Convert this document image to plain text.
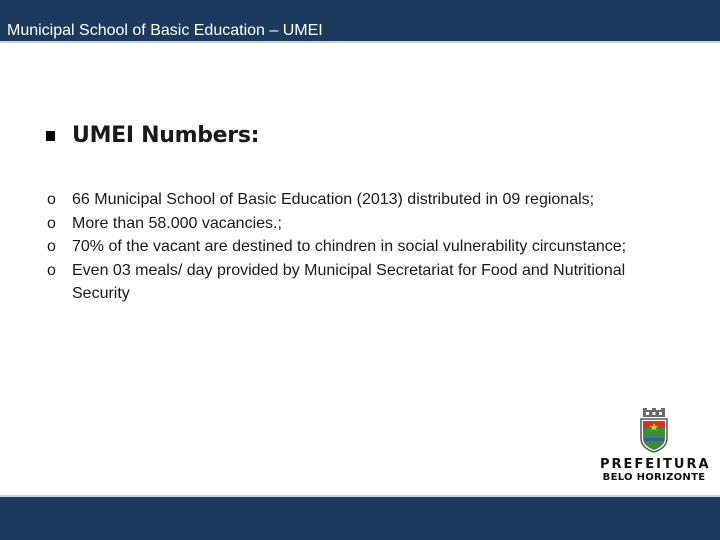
Municipal School of Basic Education – UMEI
UMEI Numbers:
o 66 Municipal School of Basic Education (2013) distributed in 09 regionals;
o More than 58.000 vacancies.;
o 70% of the vacant are destined to chindren in social vulnerability circunstance;
o Even 03 meals/ day provided by Municipal Secretariat for Food and Nutritional Security
PREFEITURA
BELO HORIZONTE
